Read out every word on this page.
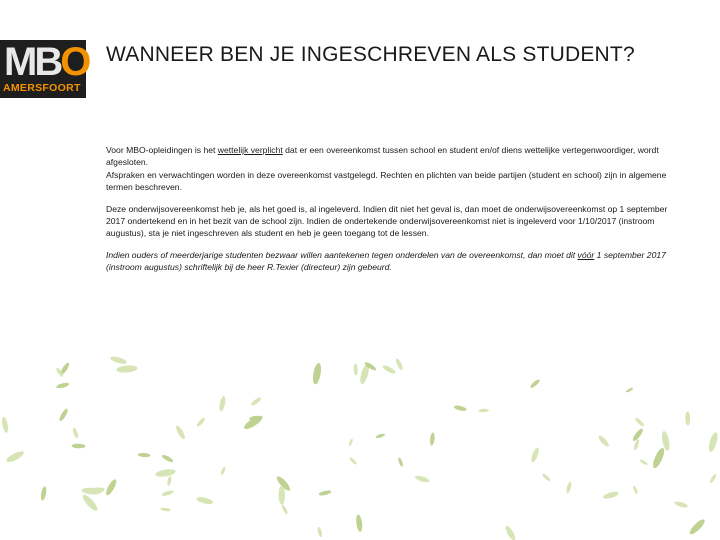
MBO
AMERSFOORT
WANNEER BEN JE INGESCHREVEN ALS STUDENT?

Voor MBO-opleidingen is het wettelijk verplicht dat er een overeenkomst tussen school en student en/of diens wettelijke vertegenwoordiger, wordt afgesloten.
Afspraken en verwachtingen worden in deze overeenkomst vastgelegd. Rechten en plichten van beide partijen (student en school) zijn in algemene termen beschreven.

Deze onderwijsovereenkomst heb je, als het goed is, al ingeleverd. Indien dit niet het geval is, dan moet de onderwijsovereenkomst op 1 september 2017 ondertekend en in het bezit van de school zijn. Indien de ondertekende onderwijsovereenkomst niet is ingeleverd voor 1/10/2017 (instroom augustus), sta je niet ingeschreven als student en heb je geen toegang tot de lessen.

Indien ouders of meerderjarige studenten bezwaar willen aantekenen tegen onderdelen van de overeenkomst, dan moet dit vóór 1 september 2017 (instroom augustus) schriftelijk bij de heer R.Texier (directeur) zijn gebeurd.
